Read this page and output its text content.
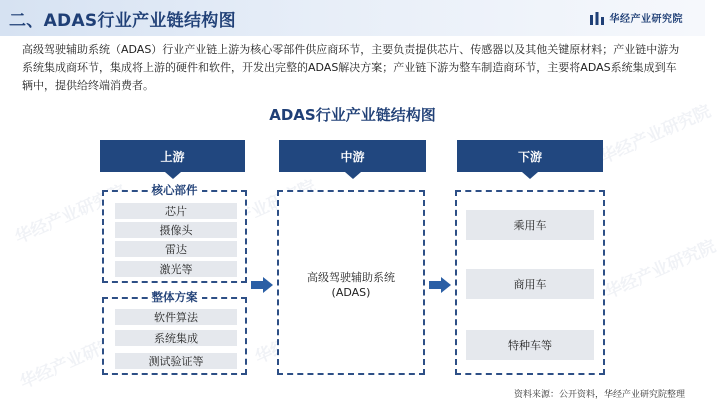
华经产业研究院
华经产业研究院	华经产业研究院
华经产业研究院
华经产业研究院
二、ADAS行业产业链结构图	华经产业研究院
高级驾驶辅助系统（ADAS）行业产业链上游为核心零部件供应商环节，主要负责提供芯片、传感器以及其他关键原材料；产业链中游为系统集成商环节，集成将上游的硬件和软件，开发出完整的ADAS解决方案；产业链下游为整车制造商环节，主要将ADAS系统集成到车辆中，提供给终端消费者。
ADAS行业产业链结构图
上游	中游	下游
核心部件
芯片
摄像头
雷达
激光等
整体方案
软件算法
系统集成
测试验证等
高级驾驶辅助系统
(ADAS)
乘用车
商用车
特种车等
资料来源：公开资料，华经产业研究院整理
